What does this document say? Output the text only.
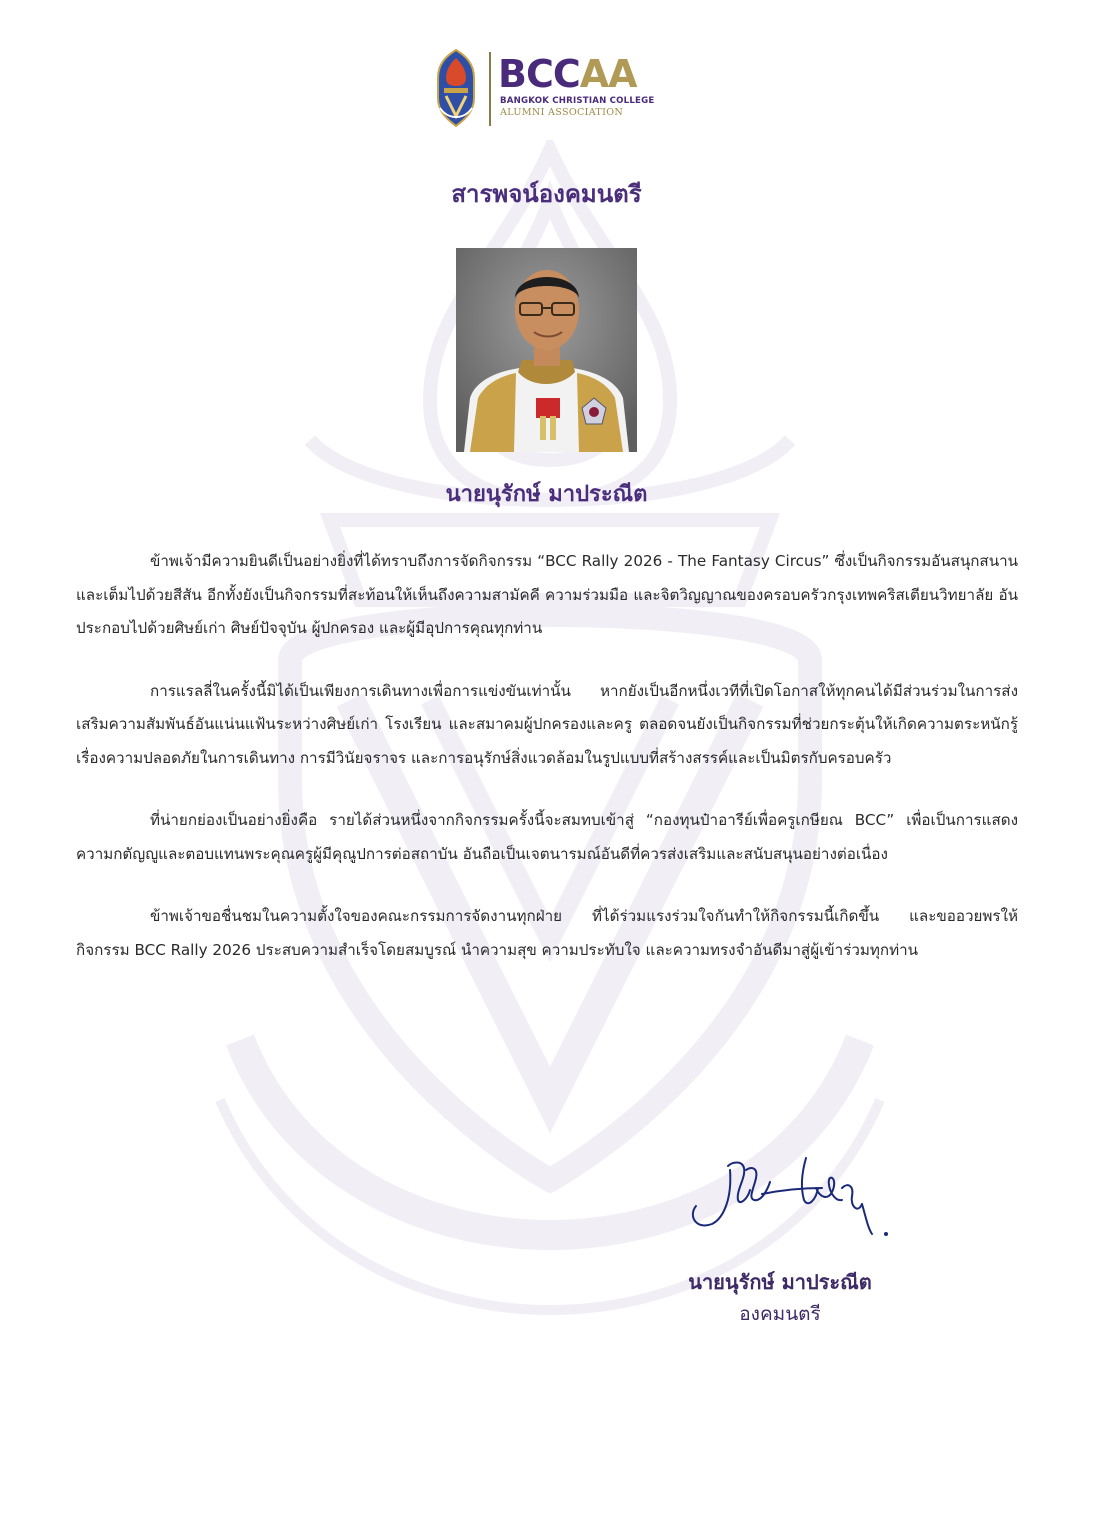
BCCAA
BANGKOK CHRISTIAN COLLEGE
ALUMNI ASSOCIATION
สารพจน์องคมนตรี
นายนุรักษ์ มาประณีต

ข้าพเจ้ามีความยินดีเป็นอย่างยิ่งที่ได้ทราบถึงการจัดกิจกรรม “BCC Rally 2026 - The Fantasy Circus” ซึ่งเป็นกิจกรรมอันสนุกสนานและเต็มไปด้วยสีสัน อีกทั้งยังเป็นกิจกรรมที่สะท้อนให้เห็นถึงความสามัคคี ความร่วมมือ และจิตวิญญาณของครอบครัวกรุงเทพคริสเตียนวิทยาลัย อันประกอบไปด้วยศิษย์เก่า ศิษย์ปัจจุบัน ผู้ปกครอง และผู้มีอุปการคุณทุกท่าน

การแรลลี่ในครั้งนี้มิได้เป็นเพียงการเดินทางเพื่อการแข่งขันเท่านั้น หากยังเป็นอีกหนึ่งเวทีที่เปิดโอกาสให้ทุกคนได้มีส่วนร่วมในการส่งเสริมความสัมพันธ์อันแน่นแฟ้นระหว่างศิษย์เก่า โรงเรียน และสมาคมผู้ปกครองและครู ตลอดจนยังเป็นกิจกรรมที่ช่วยกระตุ้นให้เกิดความตระหนักรู้ เรื่องความปลอดภัยในการเดินทาง การมีวินัยจราจร และการอนุรักษ์สิ่งแวดล้อมในรูปแบบที่สร้างสรรค์และเป็นมิตรกับครอบครัว

ที่น่ายกย่องเป็นอย่างยิ่งคือ รายได้ส่วนหนึ่งจากกิจกรรมครั้งนี้จะสมทบเข้าสู่ “กองทุนป๋าอารีย์เพื่อครูเกษียณ BCC” เพื่อเป็นการแสดงความกตัญญูและตอบแทนพระคุณครูผู้มีคุณูปการต่อสถาบัน อันถือเป็นเจตนารมณ์อันดีที่ควรส่งเสริมและสนับสนุนอย่างต่อเนื่อง

ข้าพเจ้าขอชื่นชมในความตั้งใจของคณะกรรมการจัดงานทุกฝ่าย ที่ได้ร่วมแรงร่วมใจกันทำให้กิจกรรมนี้เกิดขึ้น และขออวยพรให้กิจกรรม BCC Rally 2026 ประสบความสำเร็จโดยสมบูรณ์ นำความสุข ความประทับใจ และความทรงจำอันดีมาสู่ผู้เข้าร่วมทุกท่าน

นายนุรักษ์ มาประณีต
องคมนตรี
